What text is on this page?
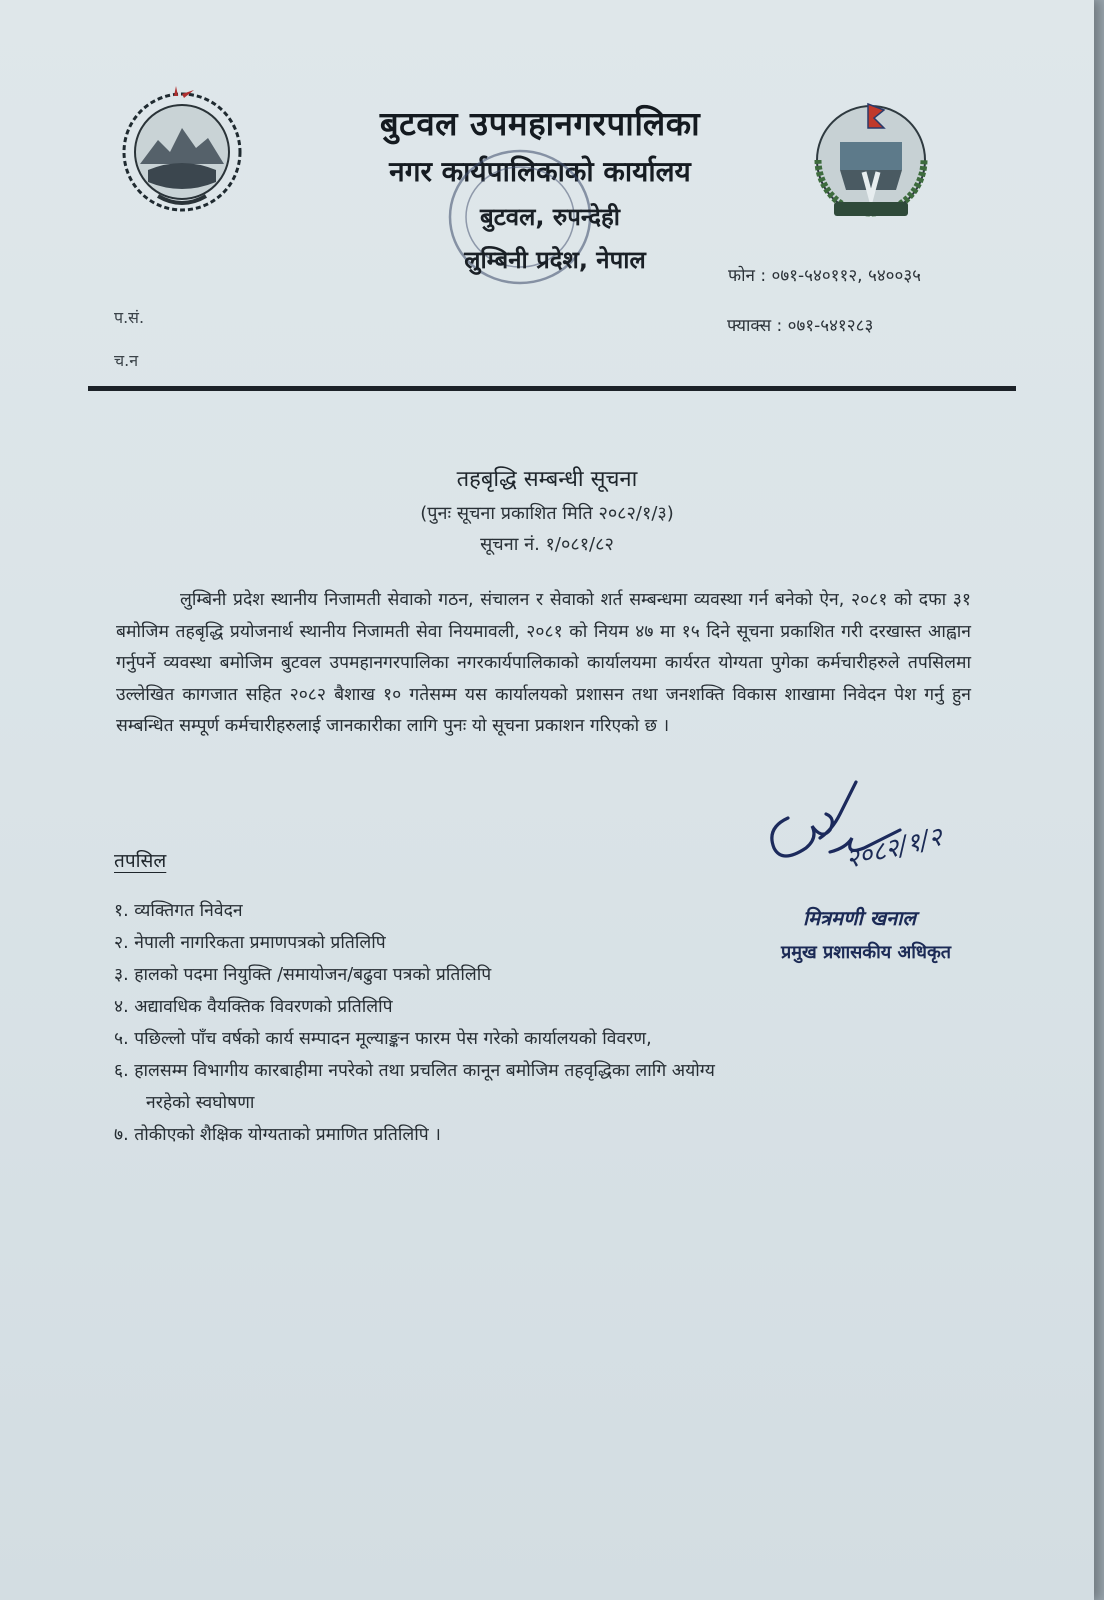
बुटवल उपमहानगरपालिका
नगर कार्यपालिकाको कार्यालय
बुटवल, रुपन्देही
लुम्बिनी प्रदेश, नेपाल
फोन : ०७१-५४०११२, ५४००३५
फ्याक्स : ०७१-५४१२८३
प.सं.
च.न
तहबृद्धि सम्बन्धी सूचना
(पुनः सूचना प्रकाशित मिति २०८२/१/३)
सूचना नं. १/०८१/८२
लुम्बिनी प्रदेश स्थानीय निजामती सेवाको गठन, संचालन र सेवाको शर्त सम्बन्धमा व्यवस्था गर्न बनेको ऐन, २०८१ को दफा ३१ बमोजिम तहबृद्धि प्रयोजनार्थ स्थानीय निजामती सेवा नियमावली, २०८१ को नियम ४७ मा १५ दिने सूचना प्रकाशित गरी दरखास्त आह्वान गर्नुपर्ने व्यवस्था बमोजिम बुटवल उपमहानगरपालिका नगरकार्यपालिकाको कार्यालयमा कार्यरत योग्यता पुगेका कर्मचारीहरुले तपसिलमा उल्लेखित कागजात सहित २०८२ बैशाख १० गतेसम्म यस कार्यालयको प्रशासन तथा जनशक्ति विकास शाखामा निवेदन पेश गर्नु हुन सम्बन्धित सम्पूर्ण कर्मचारीहरुलाई जानकारीका लागि पुनः यो सूचना प्रकाशन गरिएको छ ।
तपसिल
१. व्यक्तिगत निवेदन
२. नेपाली नागरिकता प्रमाणपत्रको प्रतिलिपि
३. हालको पदमा नियुक्ति /समायोजन/बढुवा पत्रको प्रतिलिपि
४. अद्यावधिक वैयक्तिक विवरणको प्रतिलिपि
५. पछिल्लो पाँच वर्षको कार्य सम्पादन मूल्याङ्कन फारम पेस गरेको कार्यालयको विवरण,
६. हालसम्म विभागीय कारबाहीमा नपरेको तथा प्रचलित कानून बमोजिम तहवृद्धिका लागि अयोग्य
नरहेको स्वघोषणा
७. तोकीएको शैक्षिक योग्यताको प्रमाणित प्रतिलिपि ।
२०८२/१/२
मित्रमणी खनाल
प्रमुख प्रशासकीय अधिकृत
